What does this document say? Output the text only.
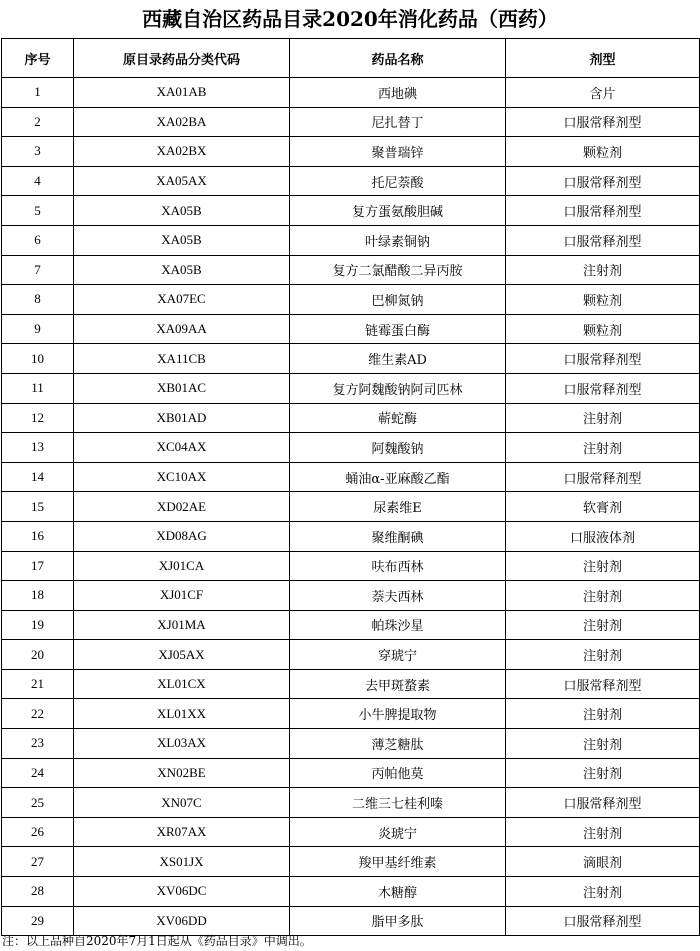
西藏自治区药品目录2020年消化药品（西药）
序号	原目录药品分类代码	药品名称	剂型
1	XA01AB	西地碘	含片
2	XA02BA	尼扎替丁	口服常释剂型
3	XA02BX	聚普瑞锌	颗粒剂
4	XA05AX	托尼萘酸	口服常释剂型
5	XA05B	复方蛋氨酸胆碱	口服常释剂型
6	XA05B	叶绿素铜钠	口服常释剂型
7	XA05B	复方二氯醋酸二异丙胺	注射剂
8	XA07EC	巴柳氮钠	颗粒剂
9	XA09AA	链霉蛋白酶	颗粒剂
10	XA11CB	维生素AD	口服常释剂型
11	XB01AC	复方阿魏酸钠阿司匹林	口服常释剂型
12	XB01AD	蕲蛇酶	注射剂
13	XC04AX	阿魏酸钠	注射剂
14	XC10AX	蛹油α-亚麻酸乙酯	口服常释剂型
15	XD02AE	尿素维E	软膏剂
16	XD08AG	聚维酮碘	口服液体剂
17	XJ01CA	呋布西林	注射剂
18	XJ01CF	萘夫西林	注射剂
19	XJ01MA	帕珠沙星	注射剂
20	XJ05AX	穿琥宁	注射剂
21	XL01CX	去甲斑蝥素	口服常释剂型
22	XL01XX	小牛脾提取物	注射剂
23	XL03AX	薄芝糖肽	注射剂
24	XN02BE	丙帕他莫	注射剂
25	XN07C	二维三七桂利嗪	口服常释剂型
26	XR07AX	炎琥宁	注射剂
27	XS01JX	羧甲基纤维素	滴眼剂
28	XV06DC	木糖醇	注射剂
29	XV06DD	脂甲多肽	口服常释剂型
注：以上品种自2020年7月1日起从《药品目录》中调出。
